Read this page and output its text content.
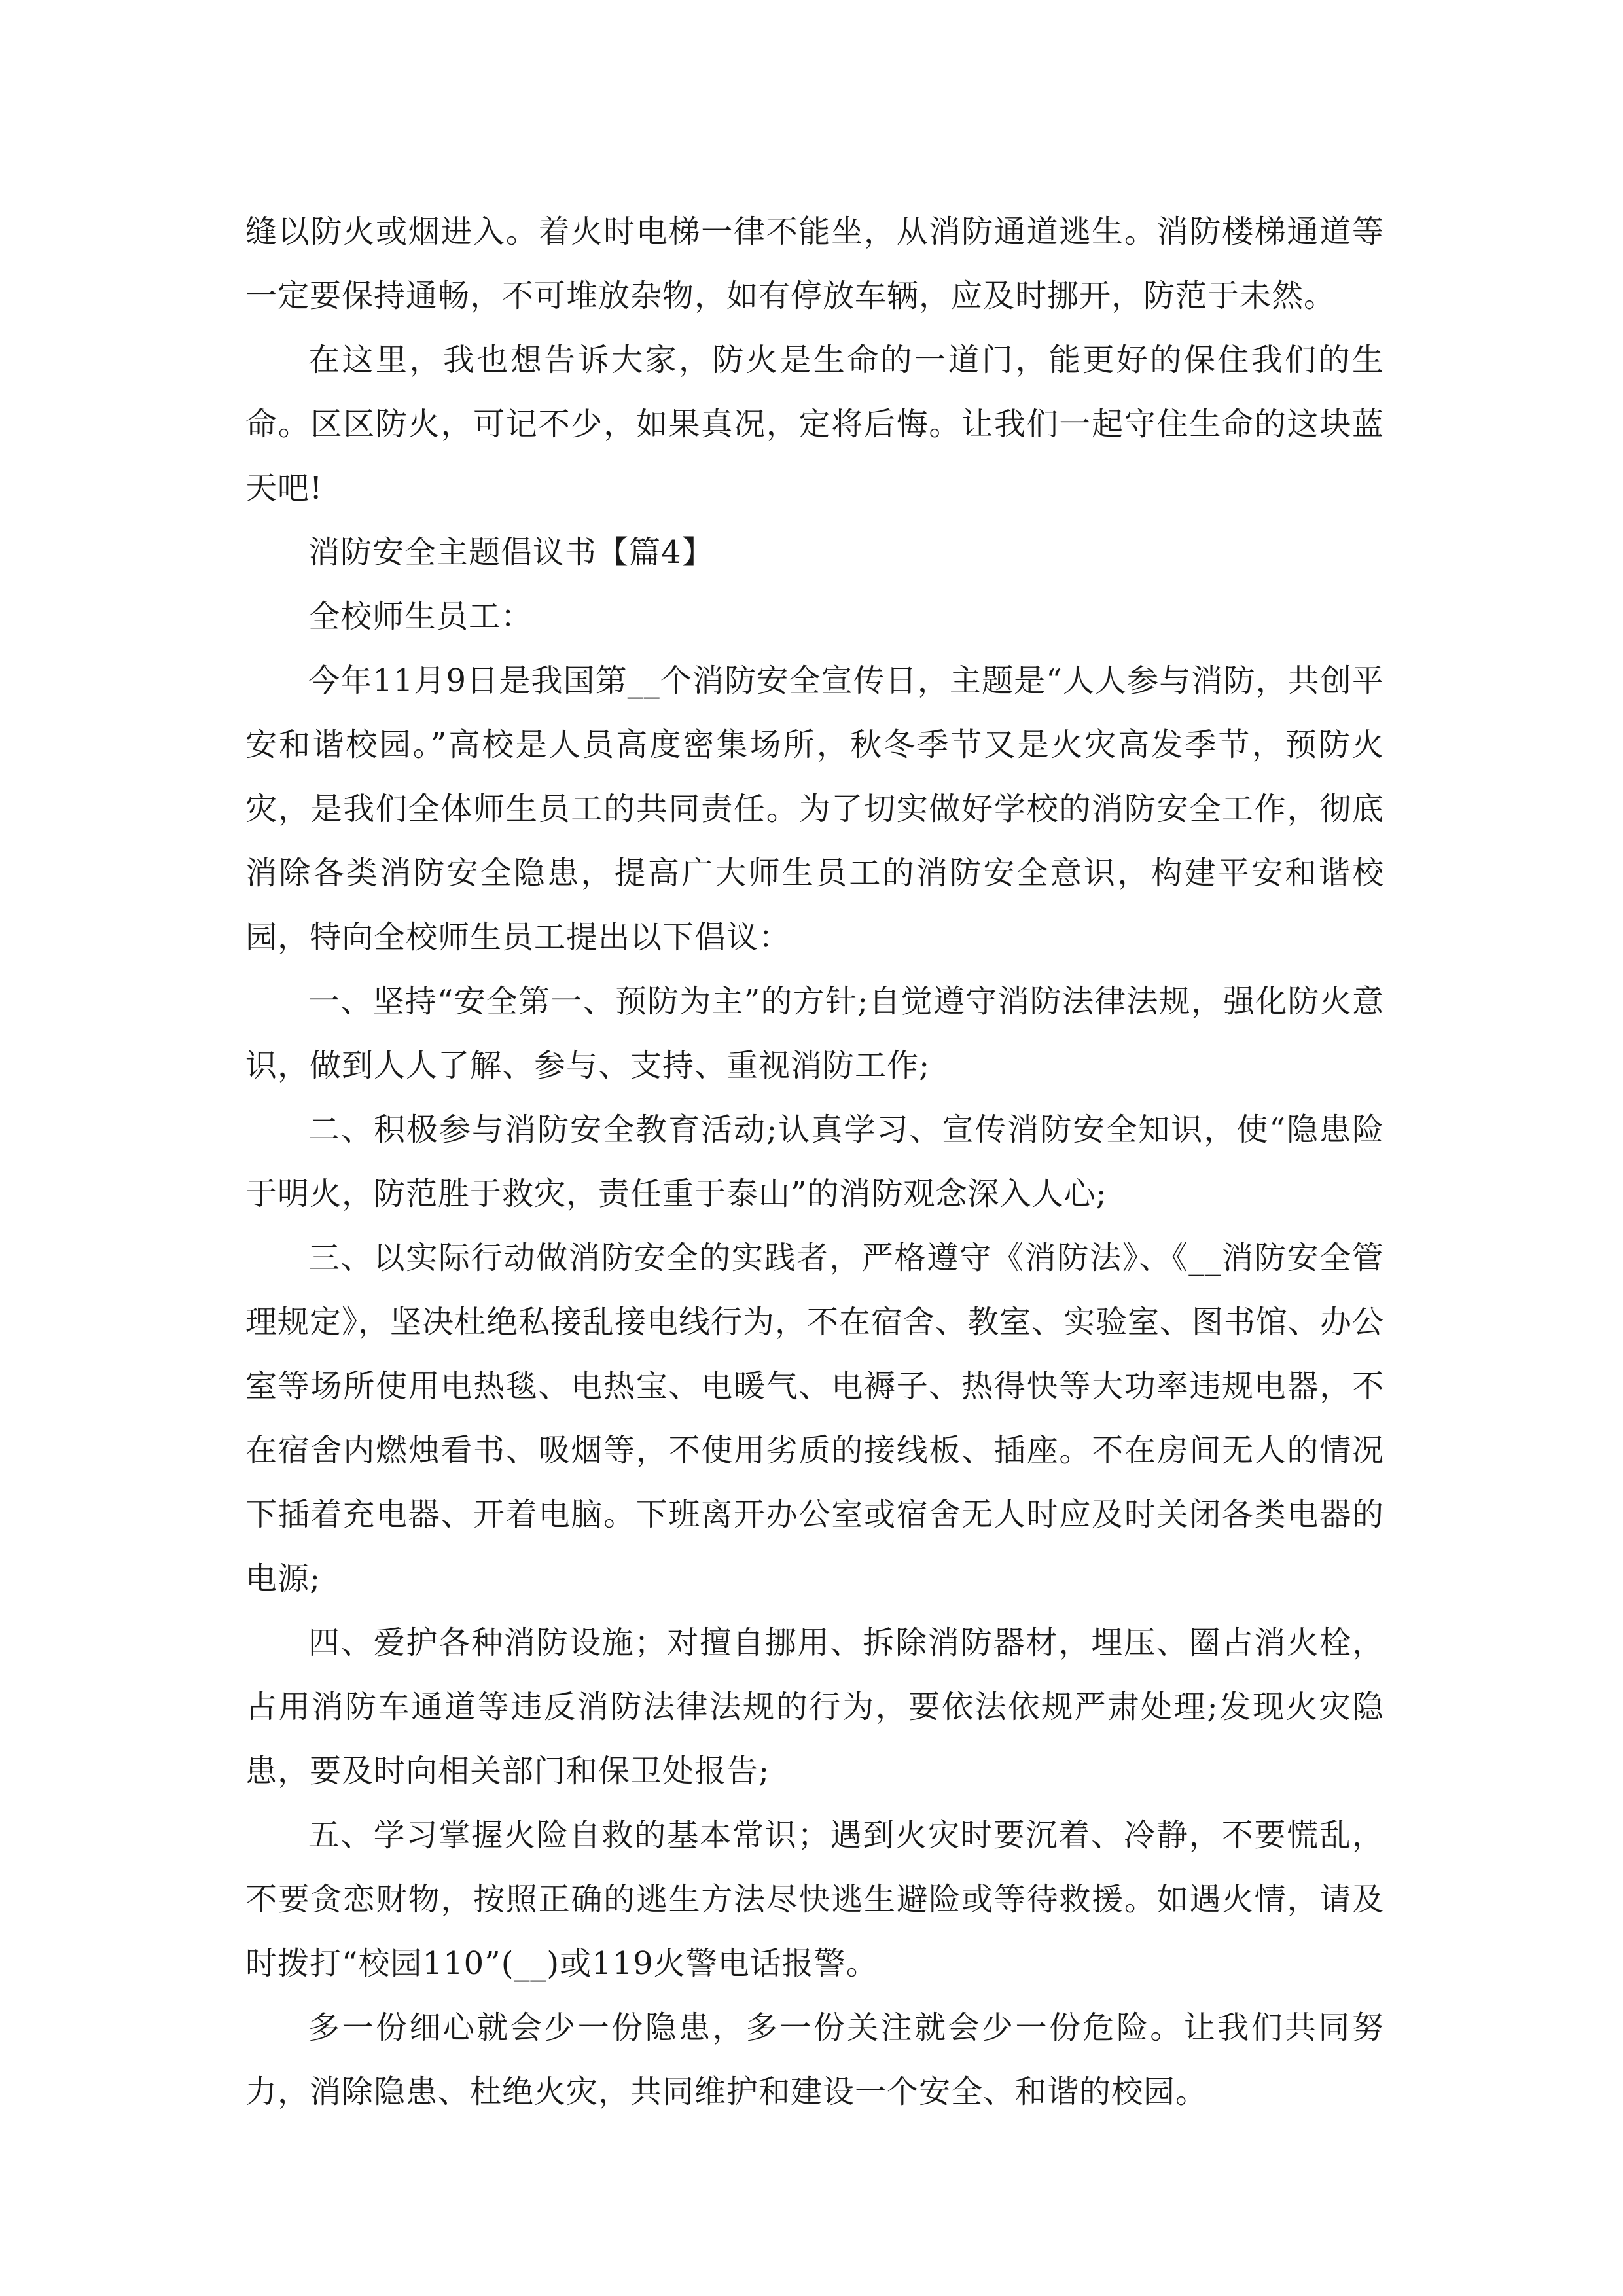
缝以防火或烟进入。着火时电梯一律不能坐，从消防通道逃生。消防楼梯通道等一定要保持通畅，不可堆放杂物，如有停放车辆，应及时挪开，防范于未然。

在这里，我也想告诉大家，防火是生命的一道门，能更好的保住我们的生命。区区防火，可记不少，如果真况，定将后悔。让我们一起守住生命的这块蓝天吧!

消防安全主题倡议书【篇4】

全校师生员工：

今年11月9日是我国第__个消防安全宣传日，主题是“人人参与消防，共创平安和谐校园。”高校是人员高度密集场所，秋冬季节又是火灾高发季节，预防火灾，是我们全体师生员工的共同责任。为了切实做好学校的消防安全工作，彻底消除各类消防安全隐患，提高广大师生员工的消防安全意识，构建平安和谐校园，特向全校师生员工提出以下倡议：

一、坚持“安全第一、预防为主”的方针;自觉遵守消防法律法规，强化防火意识，做到人人了解、参与、支持、重视消防工作;

二、积极参与消防安全教育活动;认真学习、宣传消防安全知识，使“隐患险于明火，防范胜于救灾，责任重于泰山”的消防观念深入人心;

三、以实际行动做消防安全的实践者，严格遵守《消防法》、《__消防安全管理规定》，坚决杜绝私接乱接电线行为，不在宿舍、教室、实验室、图书馆、办公室等场所使用电热毯、电热宝、电暖气、电褥子、热得快等大功率违规电器，不在宿舍内燃烛看书、吸烟等，不使用劣质的接线板、插座。不在房间无人的情况下插着充电器、开着电脑。下班离开办公室或宿舍无人时应及时关闭各类电器的电源;

四、爱护各种消防设施；对擅自挪用、拆除消防器材，埋压、圈占消火栓，占用消防车通道等违反消防法律法规的行为，要依法依规严肃处理;发现火灾隐患，要及时向相关部门和保卫处报告;

五、学习掌握火险自救的基本常识；遇到火灾时要沉着、冷静，不要慌乱，不要贪恋财物，按照正确的逃生方法尽快逃生避险或等待救援。如遇火情，请及时拨打“校园110”(__)或119火警电话报警。

多一份细心就会少一份隐患，多一份关注就会少一份危险。让我们共同努力，消除隐患、杜绝火灾，共同维护和建设一个安全、和谐的校园。
